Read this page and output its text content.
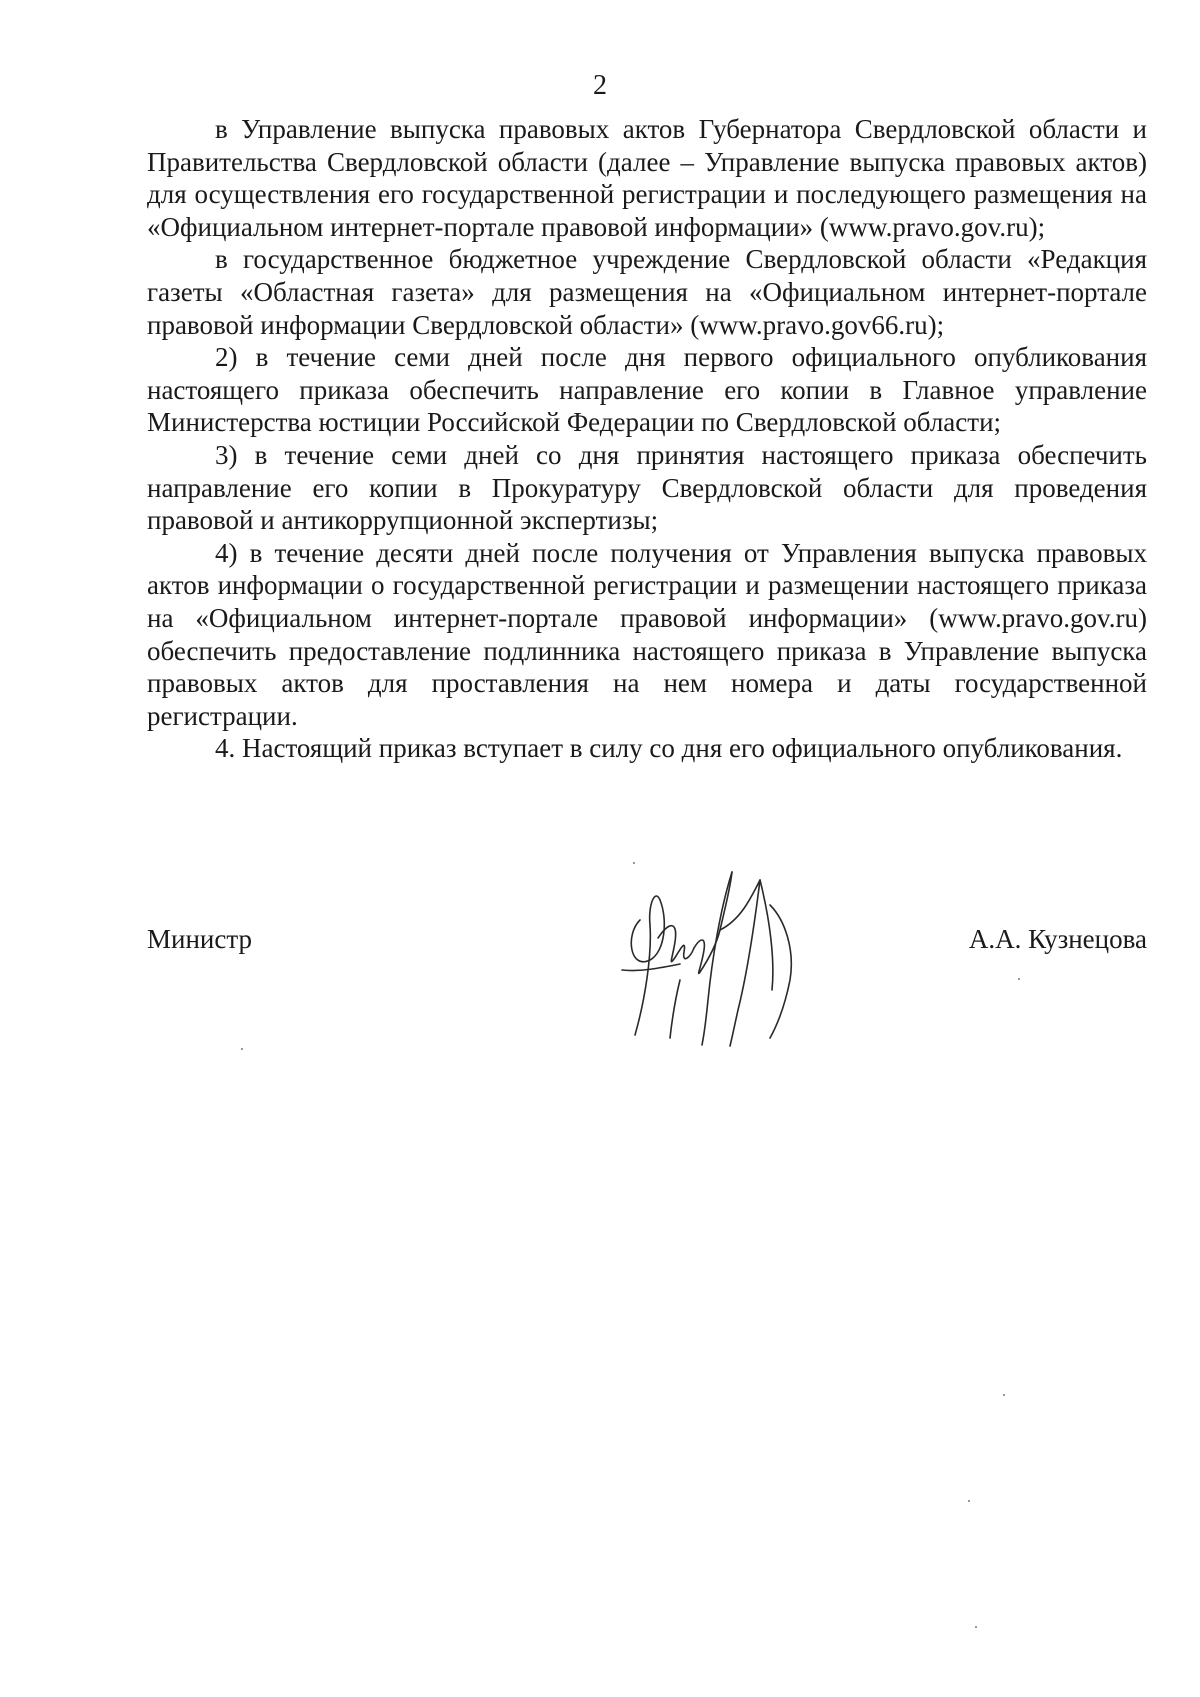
2

в Управление выпуска правовых актов Губернатора Свердловской области и Правительства Свердловской области (далее – Управление выпуска правовых актов) для осуществления его государственной регистрации и последующего размещения на «Официальном интернет-портале правовой информации» (www.pravo.gov.ru);

в государственное бюджетное учреждение Свердловской области «Редакция газеты «Областная газета» для размещения на «Официальном интернет-портале правовой информации Свердловской области» (www.pravo.gov66.ru);

2) в течение семи дней после дня первого официального опубликования настоящего приказа обеспечить направление его копии в Главное управление Министерства юстиции Российской Федерации по Свердловской области;

3) в течение семи дней со дня принятия настоящего приказа обеспечить направление его копии в Прокуратуру Свердловской области для проведения правовой и антикоррупционной экспертизы;

4) в течение десяти дней после получения от Управления выпуска правовых актов информации о государственной регистрации и размещении настоящего приказа на «Официальном интернет-портале правовой информации» (www.pravo.gov.ru) обеспечить предоставление подлинника настоящего приказа в Управление выпуска правовых актов для проставления на нем номера и даты государственной регистрации.

4. Настоящий приказ вступает в силу со дня его официального опубликования.

Министр	А.А. Кузнецова
